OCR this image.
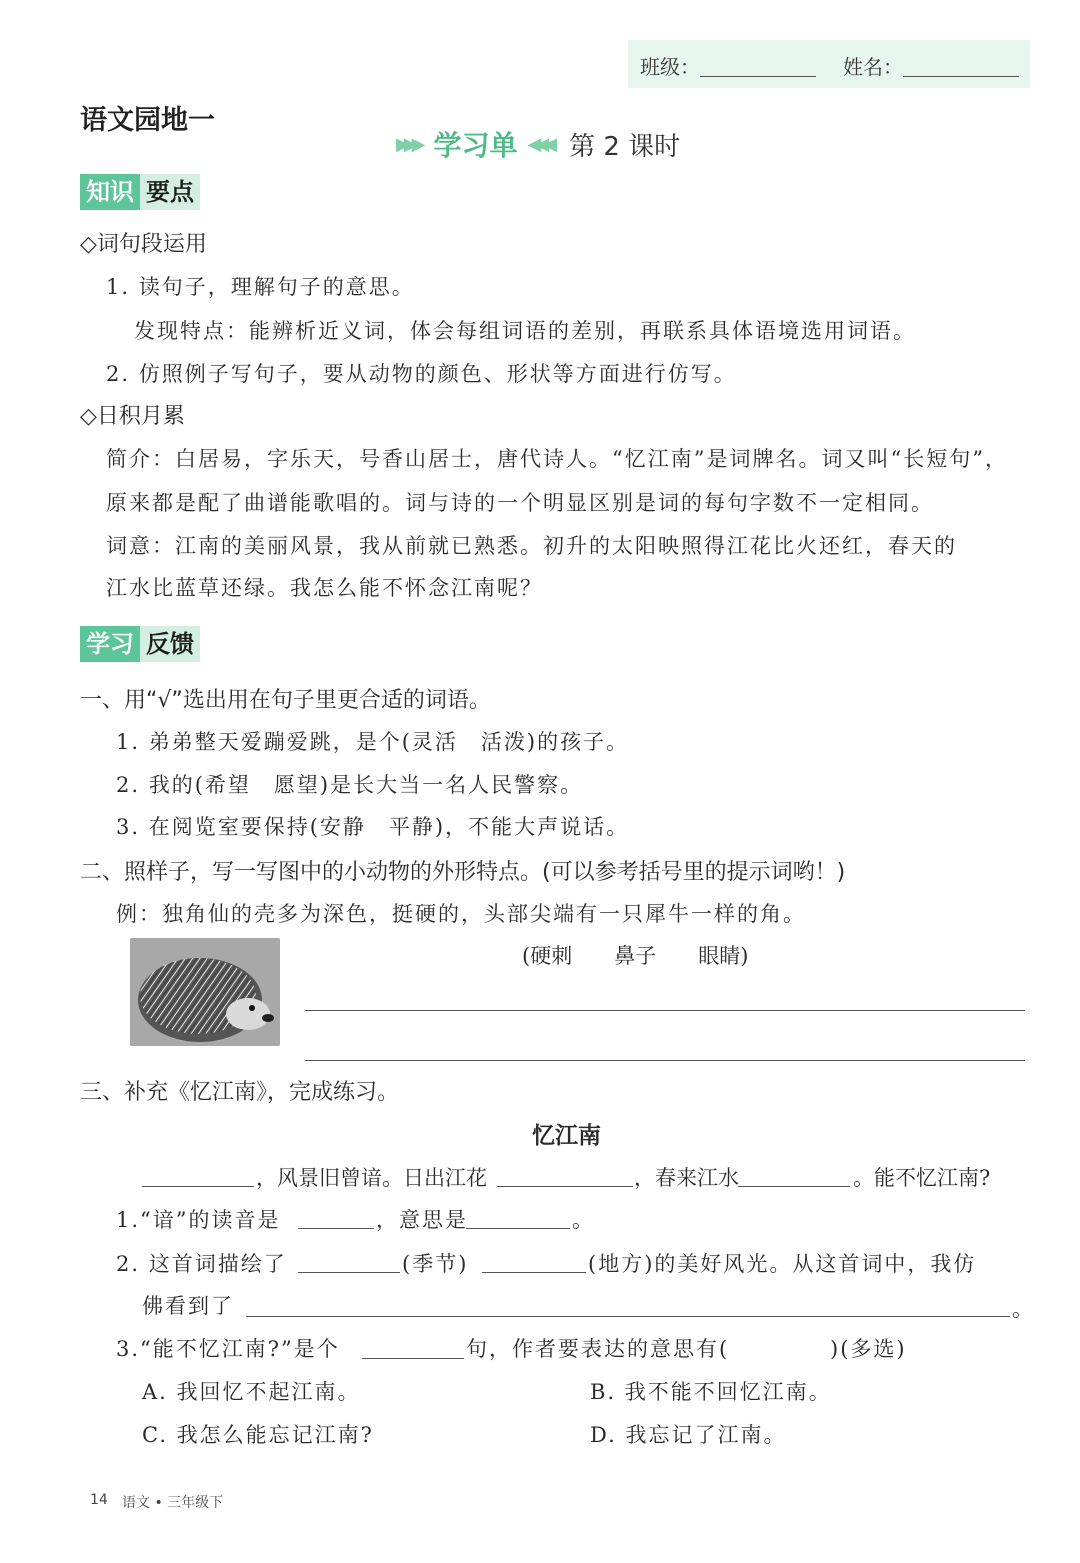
班级：	姓名：
语文园地一
▶▶▶ 学习单 ◀◀◀ 第 2 课时
知识 要点
◇词句段运用
1. 读句子，理解句子的意思。
发现特点：能辨析近义词，体会每组词语的差别，再联系具体语境选用词语。
2. 仿照例子写句子，要从动物的颜色、形状等方面进行仿写。
◇日积月累
简介：白居易，字乐天，号香山居士，唐代诗人。“忆江南”是词牌名。词又叫“长短句”，
原来都是配了曲谱能歌唱的。词与诗的一个明显区别是词的每句字数不一定相同。
词意：江南的美丽风景，我从前就已熟悉。初升的太阳映照得江花比火还红，春天的
江水比蓝草还绿。我怎么能不怀念江南呢？
学习 反馈
一、用“√”选出用在句子里更合适的词语。
1. 弟弟整天爱蹦爱跳，是个(灵活　活泼)的孩子。
2. 我的(希望　愿望)是长大当一名人民警察。
3. 在阅览室要保持(安静　平静)，不能大声说话。
二、照样子，写一写图中的小动物的外形特点。(可以参考括号里的提示词哟！)
例：独角仙的壳多为深色，挺硬的，头部尖端有一只犀牛一样的角。
(硬刺　　鼻子　　眼睛)
三、补充《忆江南》，完成练习。
忆江南
，风景旧曾谙。日出江花	，春来江水	。能不忆江南?
1.“谙”的读音是	，意思是	。
2. 这首词描绘了	(季节)	(地方)的美好风光。从这首词中，我仿
佛看到了	。
3.“能不忆江南?”是个	句，作者要表达的意思有(	)(多选)
A. 我回忆不起江南。	B. 我不能不回忆江南。
C. 我怎么能忘记江南?	D. 我忘记了江南。
14 语文 • 三年级下
